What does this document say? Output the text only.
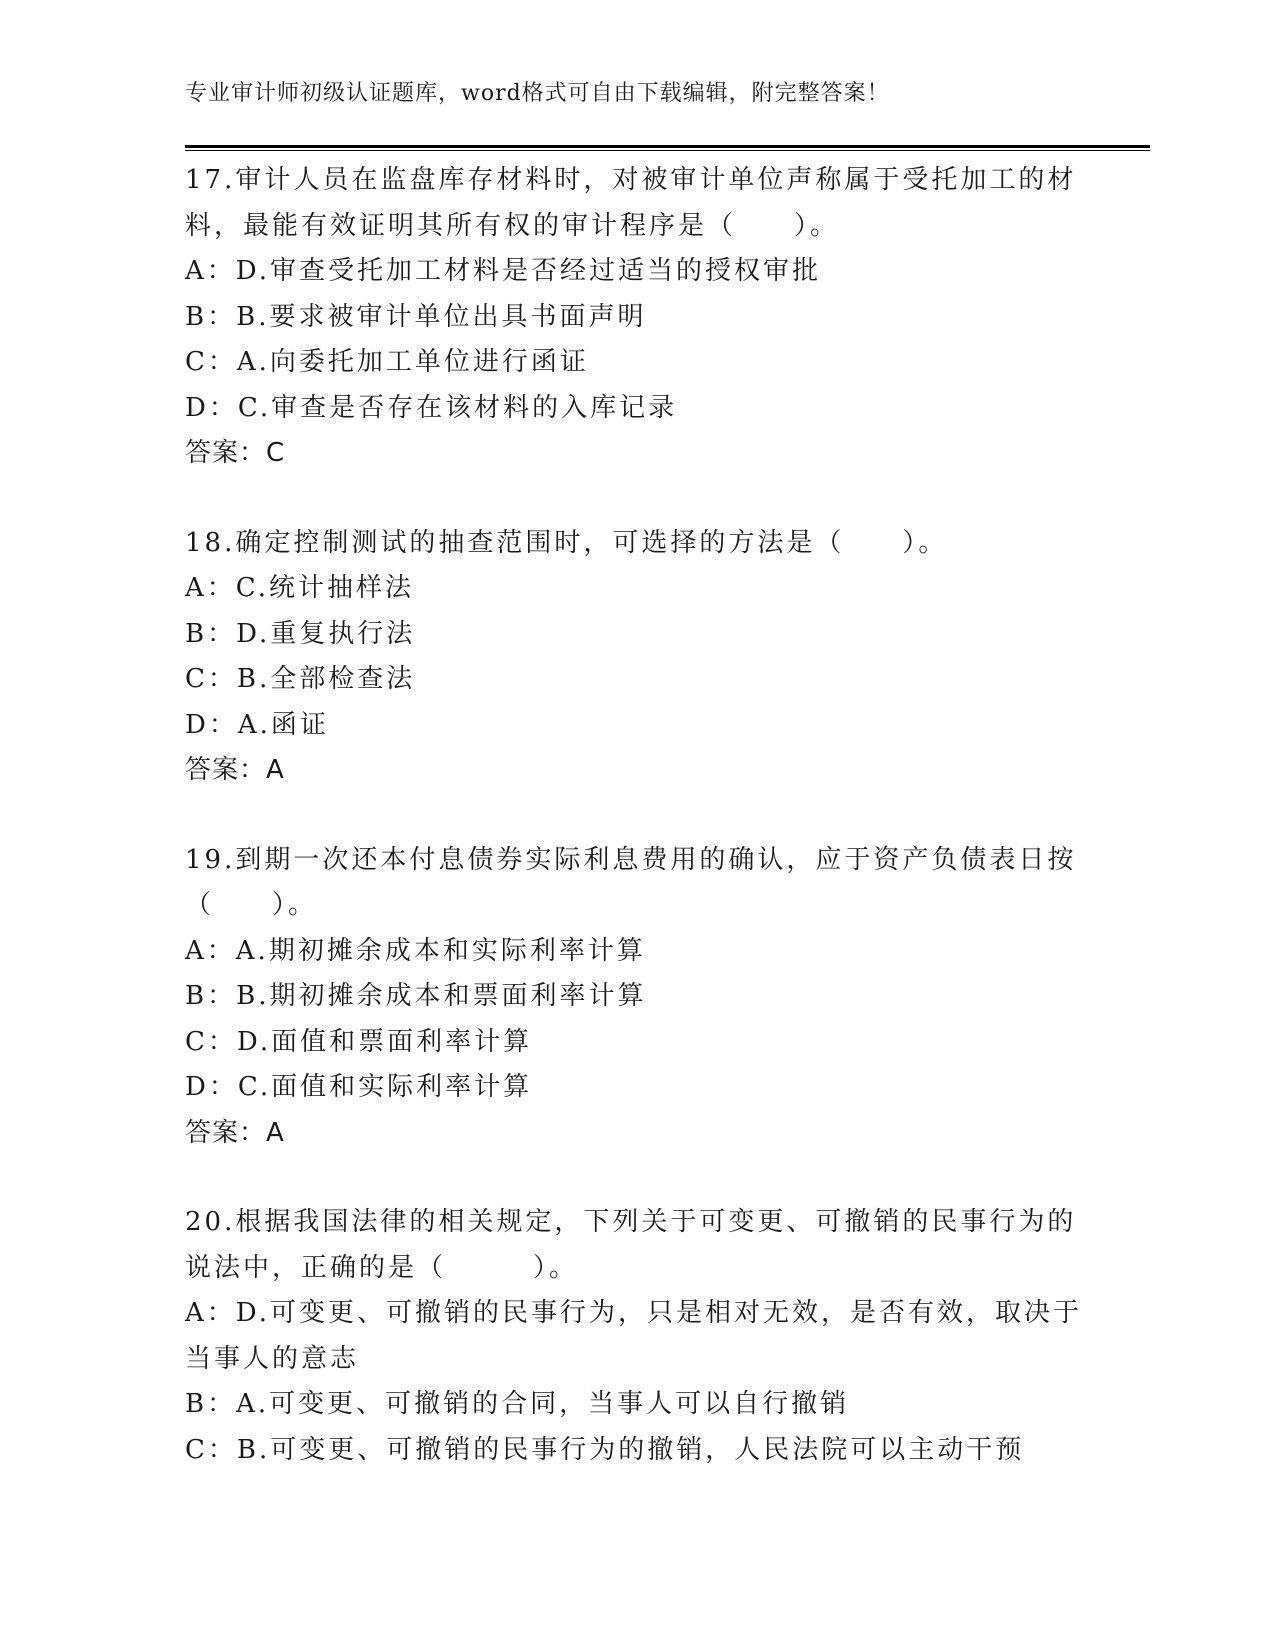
专业审计师初级认证题库，word格式可自由下载编辑，附完整答案！
17.审计人员在监盘库存材料时，对被审计单位声称属于受托加工的材
料，最能有效证明其所有权的审计程序是（　　）。
A：D.审查受托加工材料是否经过适当的授权审批
B：B.要求被审计单位出具书面声明
C：A.向委托加工单位进行函证
D：C.审查是否存在该材料的入库记录
答案：C
18.确定控制测试的抽查范围时，可选择的方法是（　　）。
A：C.统计抽样法
B：D.重复执行法
C：B.全部检查法
D：A.函证
答案：A
19.到期一次还本付息债券实际利息费用的确认，应于资产负债表日按
（　　）。
A：A.期初摊余成本和实际利率计算
B：B.期初摊余成本和票面利率计算
C：D.面值和票面利率计算
D：C.面值和实际利率计算
答案：A
20.根据我国法律的相关规定，下列关于可变更、可撤销的民事行为的
说法中，正确的是（　　　）。
A：D.可变更、可撤销的民事行为，只是相对无效，是否有效，取决于
当事人的意志
B：A.可变更、可撤销的合同，当事人可以自行撤销
C：B.可变更、可撤销的民事行为的撤销，人民法院可以主动干预
